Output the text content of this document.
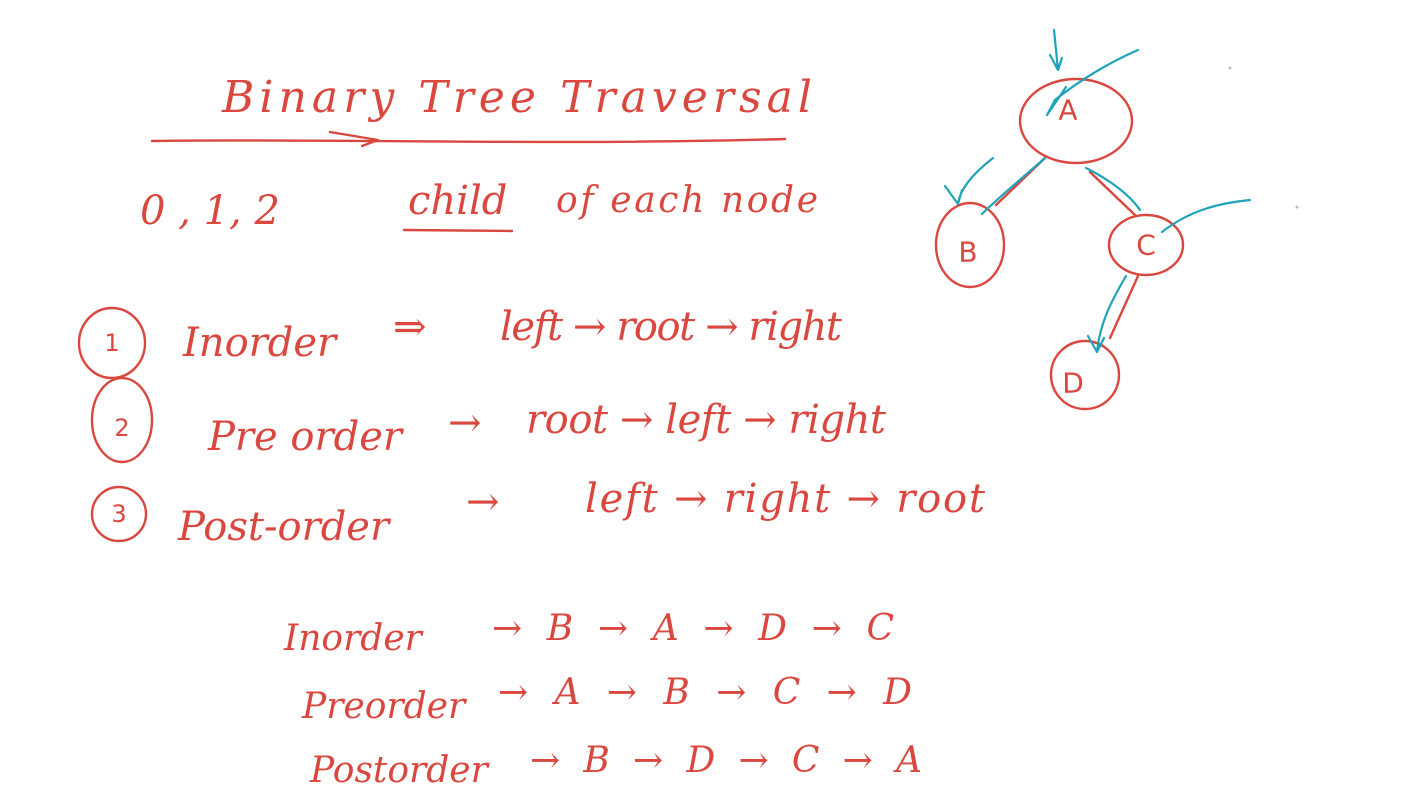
Binary Tree Traversal
0 , 1, 2	child of each node
1 Inorder ⇒ left → root → right
2 Pre order → root → left → right
3 Post-order
→ left → right → root
Inorder → B → A → D → C
Preorder → A → B → C → D
Postorder → B → D → C → A
A
B	C
D
